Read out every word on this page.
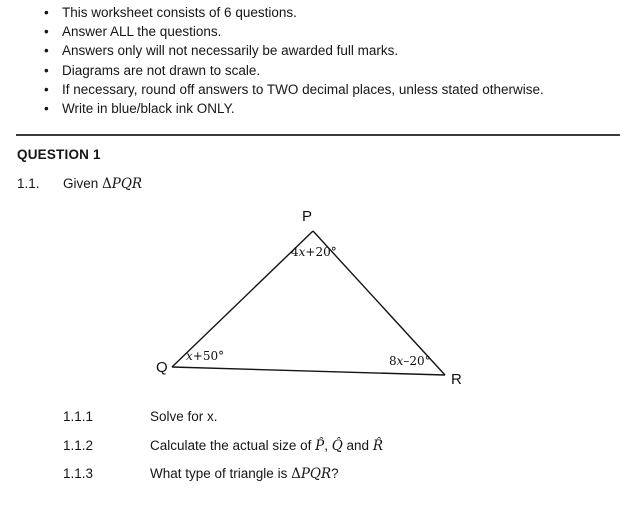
• This worksheet consists of 6 questions.
• Answer ALL the questions.
• Answers only will not necessarily be awarded full marks.
• Diagrams are not drawn to scale.
• If necessary, round off answers to TWO decimal places, unless stated otherwise.
• Write in blue/black ink ONLY.
QUESTION 1
1.1. Given ΔPQR
P
Q
R
4x+20°
x+50°	8x–20°
1.1.1	Solve for x.
1.1.2	Calculate the actual size of P̂, Q̂ and R̂
1.1.3	What type of triangle is ΔPQR?
